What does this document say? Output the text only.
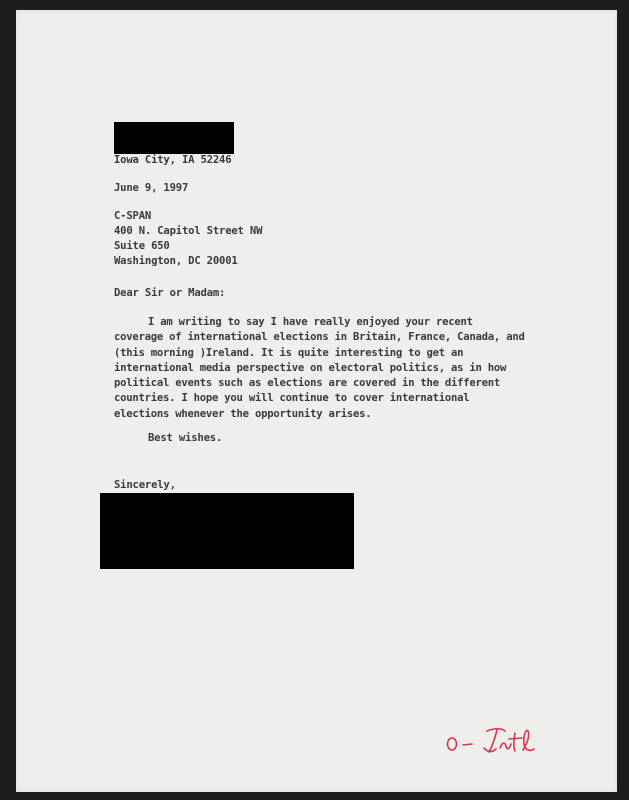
Iowa City, IA 52246
June 9, 1997
C-SPAN
400 N. Capitol Street NW
Suite 650
Washington, DC 20001
Dear Sir or Madam:
I am writing to say I have really enjoyed your recent
coverage of international elections in Britain, France, Canada, and
(this morning )Ireland. It is quite interesting to get an
international media perspective on electoral politics, as in how
political events such as elections are covered in the different
countries. I hope you will continue to cover international
elections whenever the opportunity arises.
Best wishes.
Sincerely,
